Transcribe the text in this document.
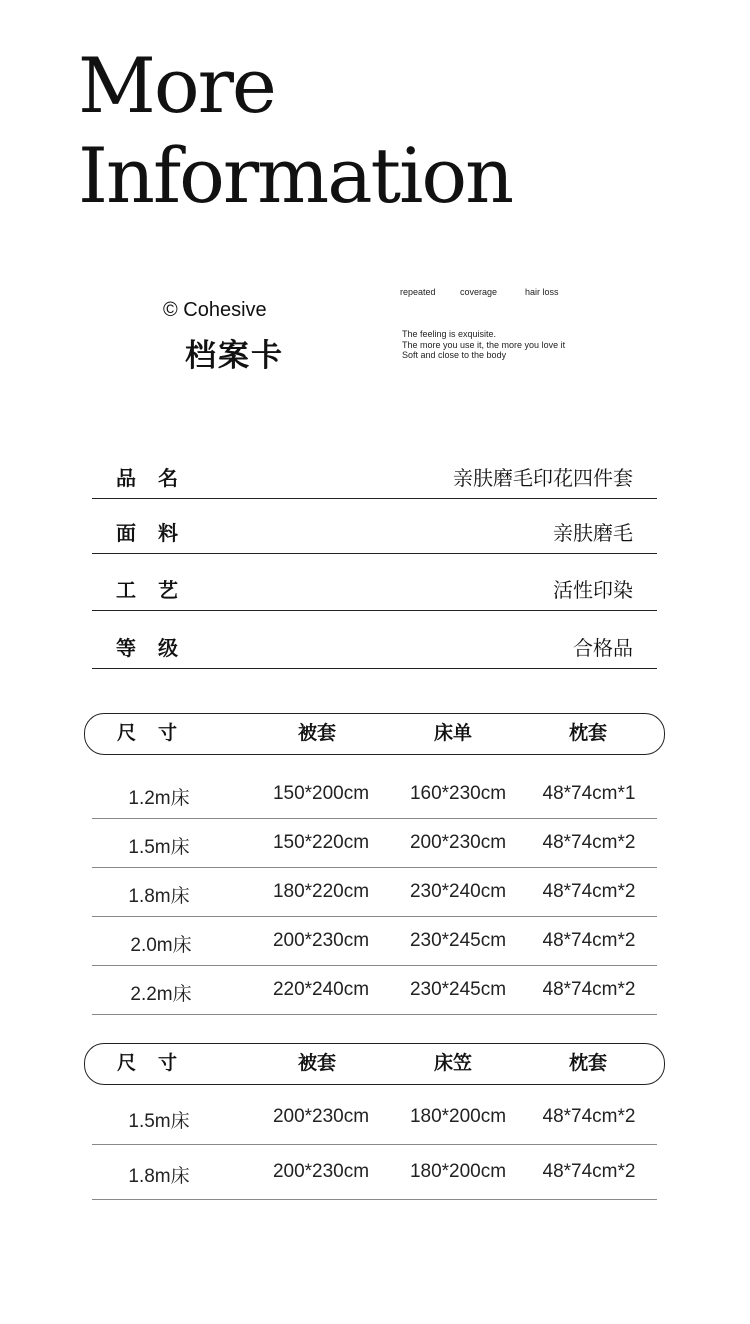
More
Information
© Cohesive
档案卡
repeated	coverage	hair loss
The feeling is exquisite.
The more you use it, the more you love it
Soft and close to the body
品名	亲肤磨毛印花四件套
面料	亲肤磨毛
工艺	活性印染
等级	合格品
尺寸	被套	床单	枕套
1.2m床	150*200cm 160*230cm 48*74cm*1
1.5m床	150*220cm 200*230cm 48*74cm*2
1.8m床	180*220cm 230*240cm 48*74cm*2
2.0m床	200*230cm 230*245cm 48*74cm*2
2.2m床	220*240cm 230*245cm 48*74cm*2
尺寸	被套	床笠	枕套
1.5m床	200*230cm 180*200cm 48*74cm*2
1.8m床	200*230cm 180*200cm 48*74cm*2
